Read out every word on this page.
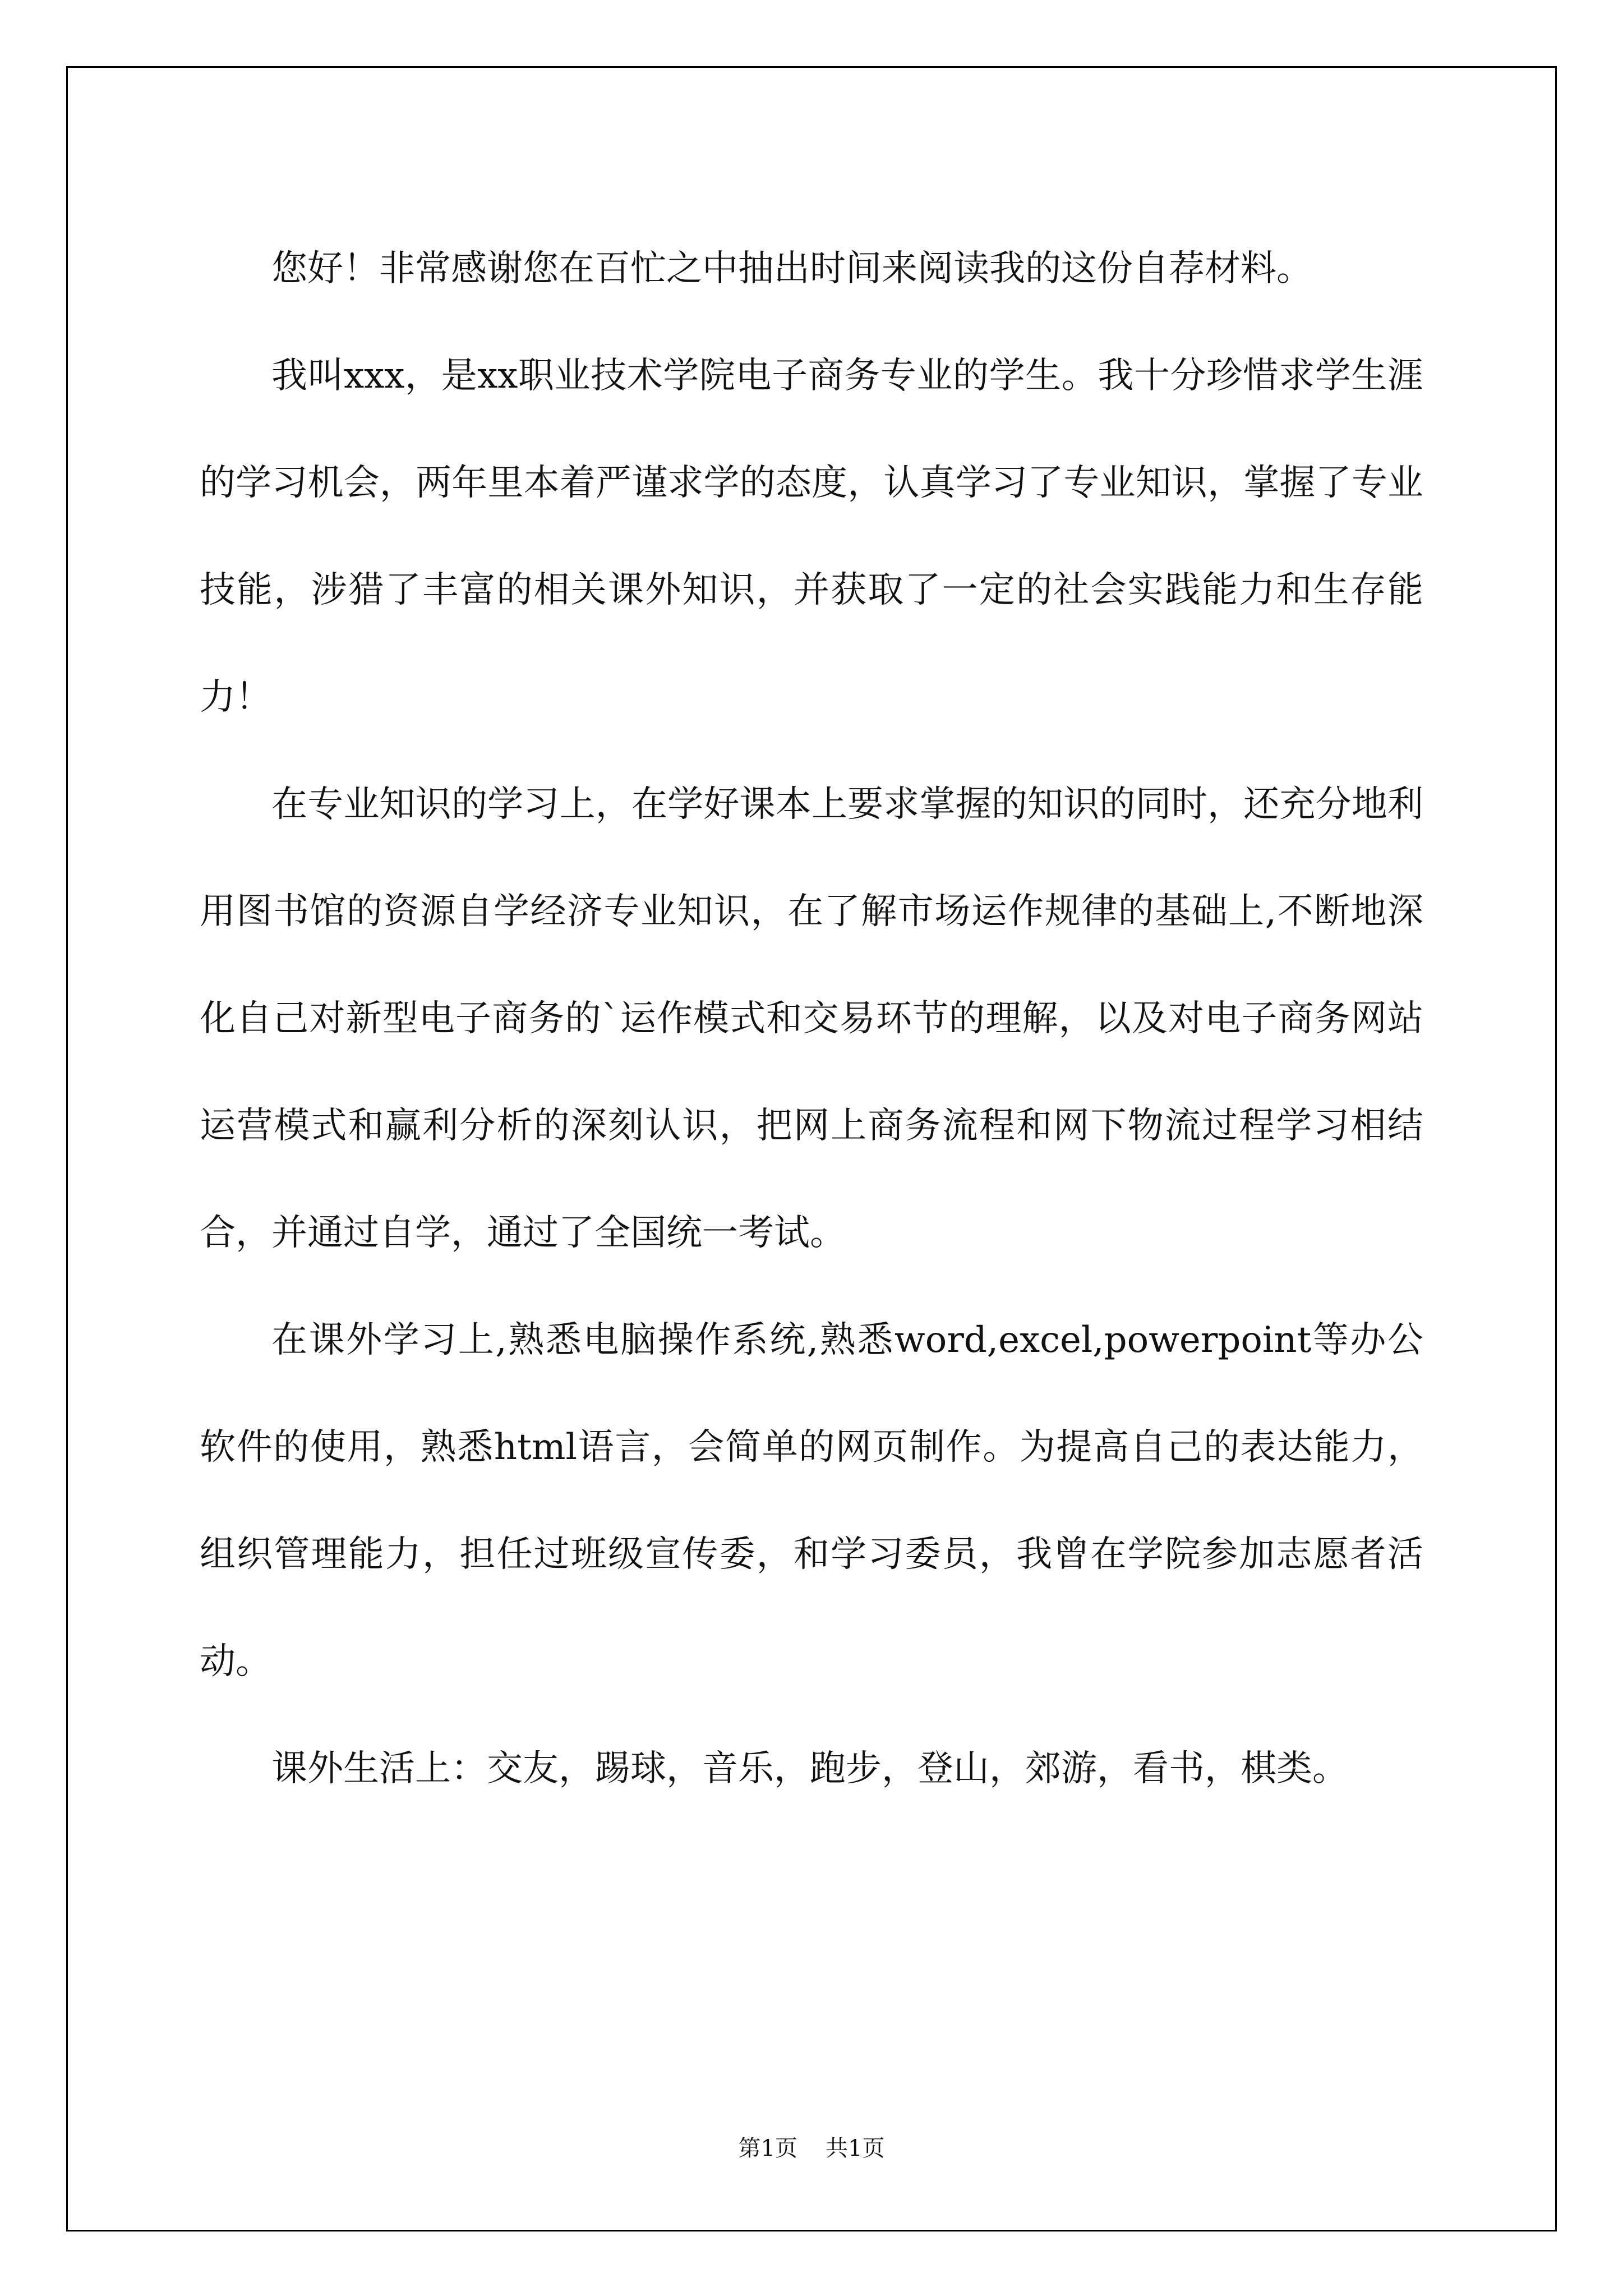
您好！非常感谢您在百忙之中抽出时间来阅读我的这份自荐材料。

我叫xxx，是xx职业技术学院电子商务专业的学生。我十分珍惜求学生涯的学习机会，两年里本着严谨求学的态度，认真学习了专业知识，掌握了专业技能，涉猎了丰富的相关课外知识，并获取了一定的社会实践能力和生存能力！

在专业知识的学习上，在学好课本上要求掌握的知识的同时，还充分地利用图书馆的资源自学经济专业知识，在了解市场运作规律的基础上,不断地深化自己对新型电子商务的`运作模式和交易环节的理解，以及对电子商务网站运营模式和赢利分析的深刻认识，把网上商务流程和网下物流过程学习相结合，并通过自学，通过了全国统一考试。

在课外学习上,熟悉电脑操作系统,熟悉word,excel,powerpoint等办公软件的使用，熟悉html语言，会简单的网页制作。为提高自己的表达能力，组织管理能力，担任过班级宣传委，和学习委员，我曾在学院参加志愿者活动。

课外生活上：交友，踢球，音乐，跑步，登山，郊游，看书，棋类。

第1页 共1页
